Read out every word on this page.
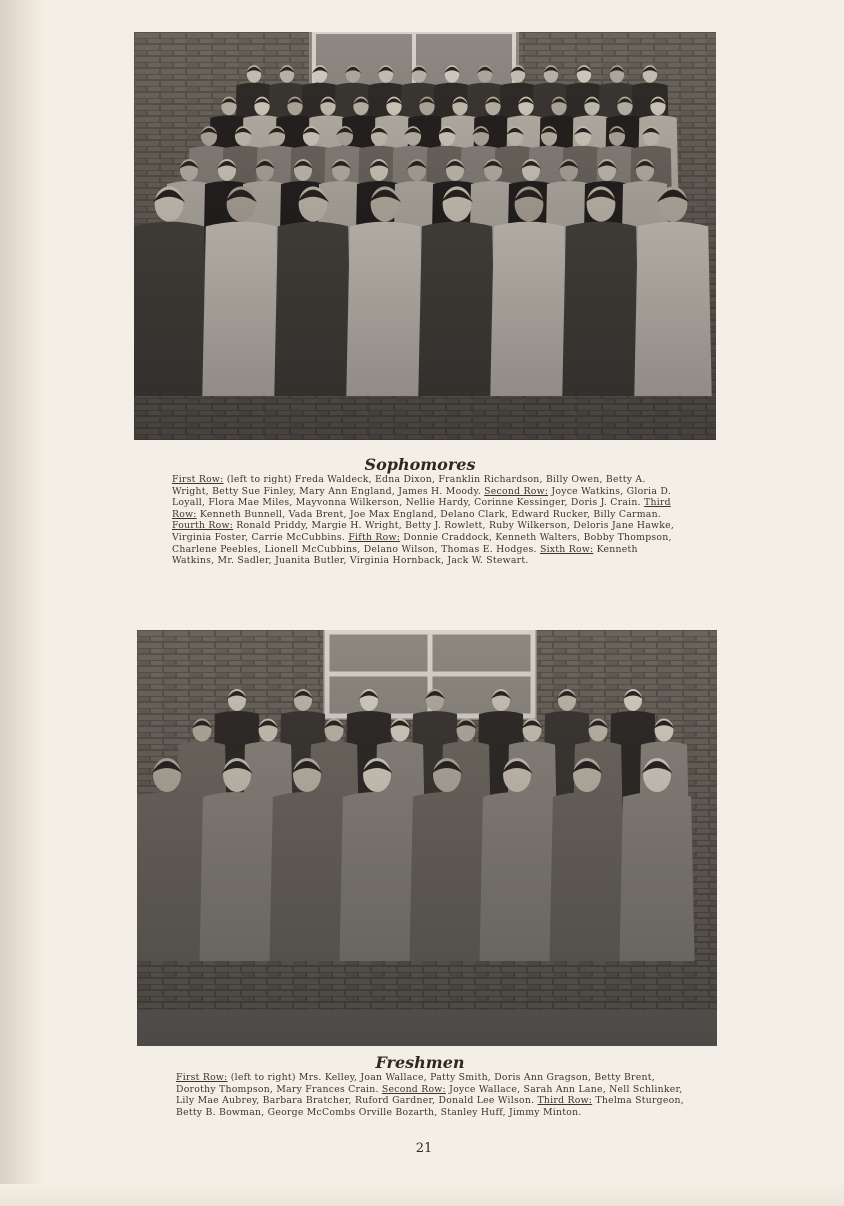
Sophomores

First Row: (left to right) Freda Waldeck, Edna Dixon, Franklin Richardson, Billy Owen, Betty A. Wright, Betty Sue Finley, Mary Ann England, James H. Moody. Second Row: Joyce Watkins, Gloria D. Loyall, Flora Mae Miles, Mayvonna Wilkerson, Nellie Hardy, Corinne Kessinger, Doris J. Crain. Third Row: Kenneth Bunnell, Vada Brent, Joe Max England, Delano Clark, Edward Rucker, Billy Carman. Fourth Row: Ronald Priddy, Margie H. Wright, Betty J. Rowlett, Ruby Wilkerson, Deloris Jane Hawke, Virginia Foster, Carrie McCubbins. Fifth Row: Donnie Craddock, Kenneth Walters, Bobby Thompson, Charlene Peebles, Lionell McCubbins, Delano Wilson, Thomas E. Hodges. Sixth Row: Kenneth Watkins, Mr. Sadler, Juanita Butler, Virginia Hornback, Jack W. Stewart.

Freshmen

First Row: (left to right) Mrs. Kelley, Joan Wallace, Patty Smith, Doris Ann Gragson, Betty Brent, Dorothy Thompson, Mary Frances Crain. Second Row: Joyce Wallace, Sarah Ann Lane, Nell Schlinker, Lily Mae Aubrey, Barbara Bratcher, Ruford Gardner, Donald Lee Wilson. Third Row: Thelma Sturgeon, Betty B. Bowman, George McCombs Orville Bozarth, Stanley Huff, Jimmy Minton.

21
